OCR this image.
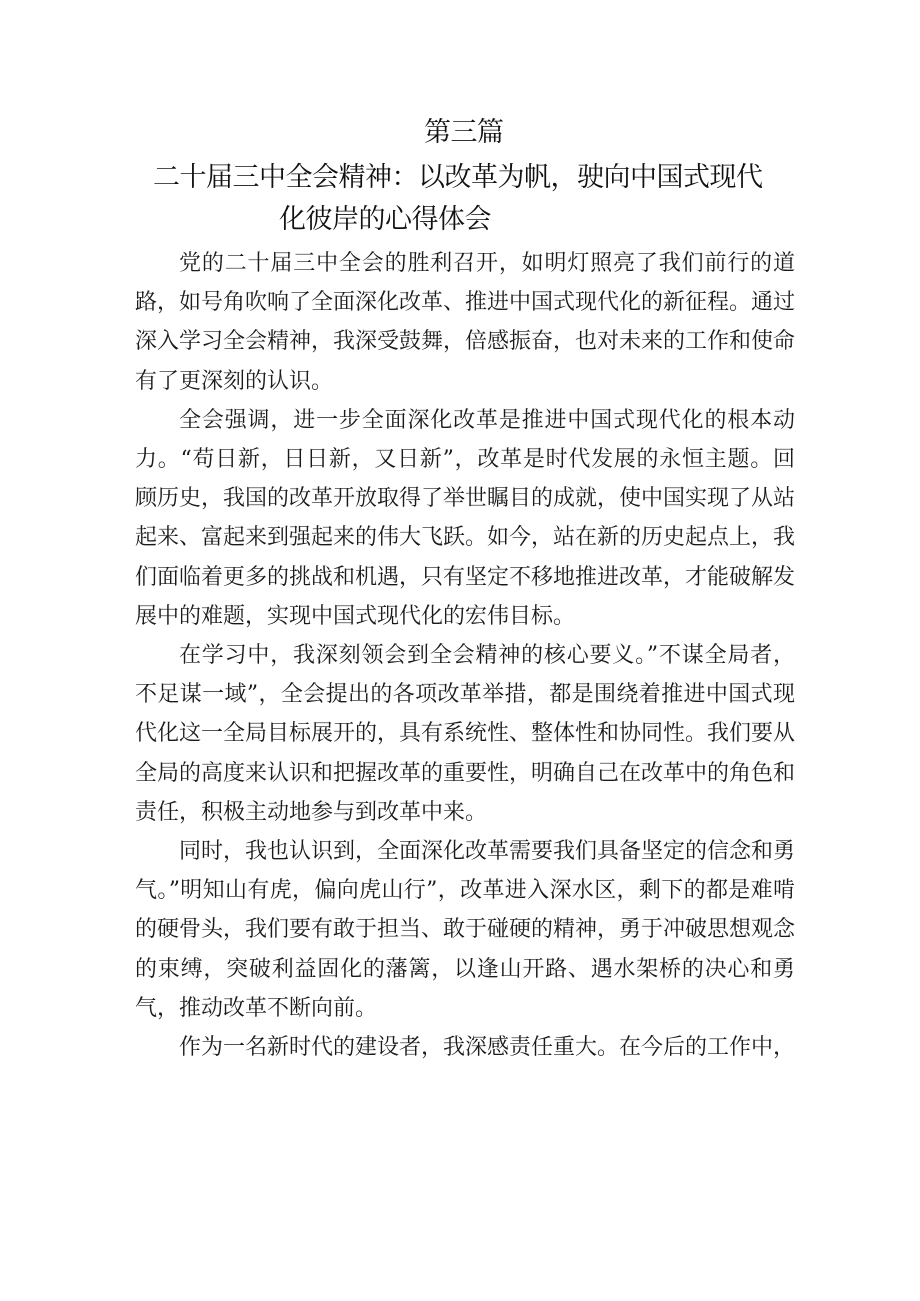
第三篇
二十届三中全会精神：以改革为帆，驶向中国式现代
化彼岸的心得体会

党的二十届三中全会的胜利召开，如明灯照亮了我们前行的道路，如号角吹响了全面深化改革、推进中国式现代化的新征程。通过深入学习全会精神，我深受鼓舞，倍感振奋，也对未来的工作和使命有了更深刻的认识。

全会强调，进一步全面深化改革是推进中国式现代化的根本动力。“苟日新，日日新，又日新”，改革是时代发展的永恒主题。回顾历史，我国的改革开放取得了举世瞩目的成就，使中国实现了从站起来、富起来到强起来的伟大飞跃。如今，站在新的历史起点上，我们面临着更多的挑战和机遇，只有坚定不移地推进改革，才能破解发展中的难题，实现中国式现代化的宏伟目标。

在学习中，我深刻领会到全会精神的核心要义。”不谋全局者，不足谋一域”，全会提出的各项改革举措，都是围绕着推进中国式现代化这一全局目标展开的，具有系统性、整体性和协同性。我们要从全局的高度来认识和把握改革的重要性，明确自己在改革中的角色和责任，积极主动地参与到改革中来。

同时，我也认识到，全面深化改革需要我们具备坚定的信念和勇气。”明知山有虎，偏向虎山行”，改革进入深水区，剩下的都是难啃的硬骨头，我们要有敢于担当、敢于碰硬的精神，勇于冲破思想观念的束缚，突破利益固化的藩篱，以逢山开路、遇水架桥的决心和勇气，推动改革不断向前。

作为一名新时代的建设者，我深感责任重大。在今后的工作中，
